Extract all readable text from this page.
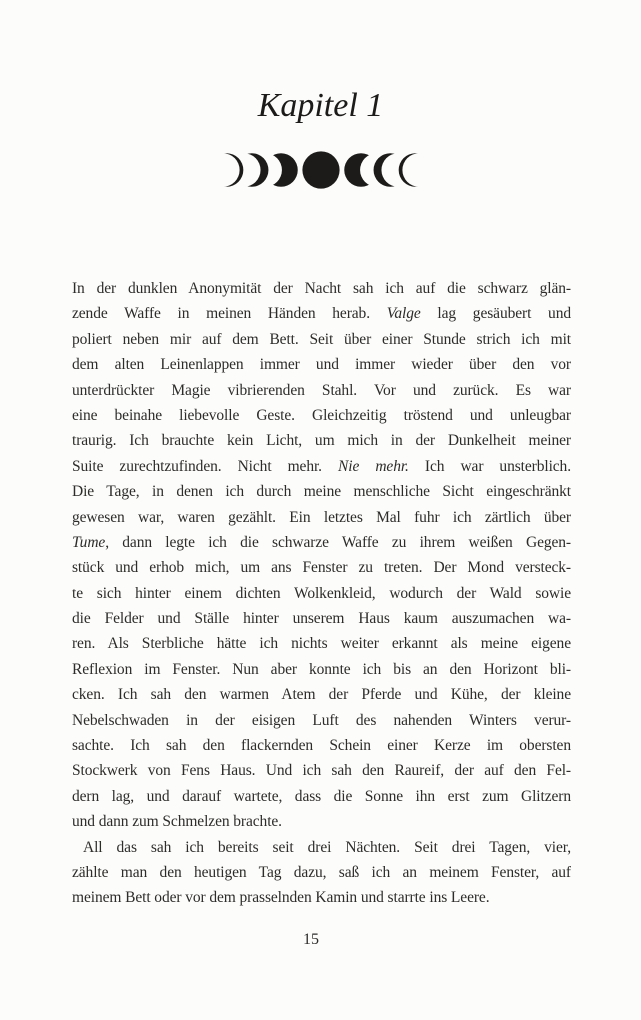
Kapitel 1
In der dunklen Anonymität der Nacht sah ich auf die schwarz glän-
zende Waffe in meinen Händen herab. Valge lag gesäubert und
poliert neben mir auf dem Bett. Seit über einer Stunde strich ich mit
dem alten Leinenlappen immer und immer wieder über den vor
unterdrückter Magie vibrierenden Stahl. Vor und zurück. Es war
eine beinahe liebevolle Geste. Gleichzeitig tröstend und unleugbar
traurig. Ich brauchte kein Licht, um mich in der Dunkelheit meiner
Suite zurechtzufinden. Nicht mehr. Nie mehr. Ich war unsterblich.
Die Tage, in denen ich durch meine menschliche Sicht eingeschränkt
gewesen war, waren gezählt. Ein letztes Mal fuhr ich zärtlich über
Tume, dann legte ich die schwarze Waffe zu ihrem weißen Gegen-
stück und erhob mich, um ans Fenster zu treten. Der Mond versteck-
te sich hinter einem dichten Wolkenkleid, wodurch der Wald sowie
die Felder und Ställe hinter unserem Haus kaum auszumachen wa-
ren. Als Sterbliche hätte ich nichts weiter erkannt als meine eigene
Reflexion im Fenster. Nun aber konnte ich bis an den Horizont bli-
cken. Ich sah den warmen Atem der Pferde und Kühe, der kleine
Nebelschwaden in der eisigen Luft des nahenden Winters verur-
sachte. Ich sah den flackernden Schein einer Kerze im obersten
Stockwerk von Fens Haus. Und ich sah den Raureif, der auf den Fel-
dern lag, und darauf wartete, dass die Sonne ihn erst zum Glitzern
und dann zum Schmelzen brachte.
All das sah ich bereits seit drei Nächten. Seit drei Tagen, vier,
zählte man den heutigen Tag dazu, saß ich an meinem Fenster, auf
meinem Bett oder vor dem prasselnden Kamin und starrte ins Leere.
15
